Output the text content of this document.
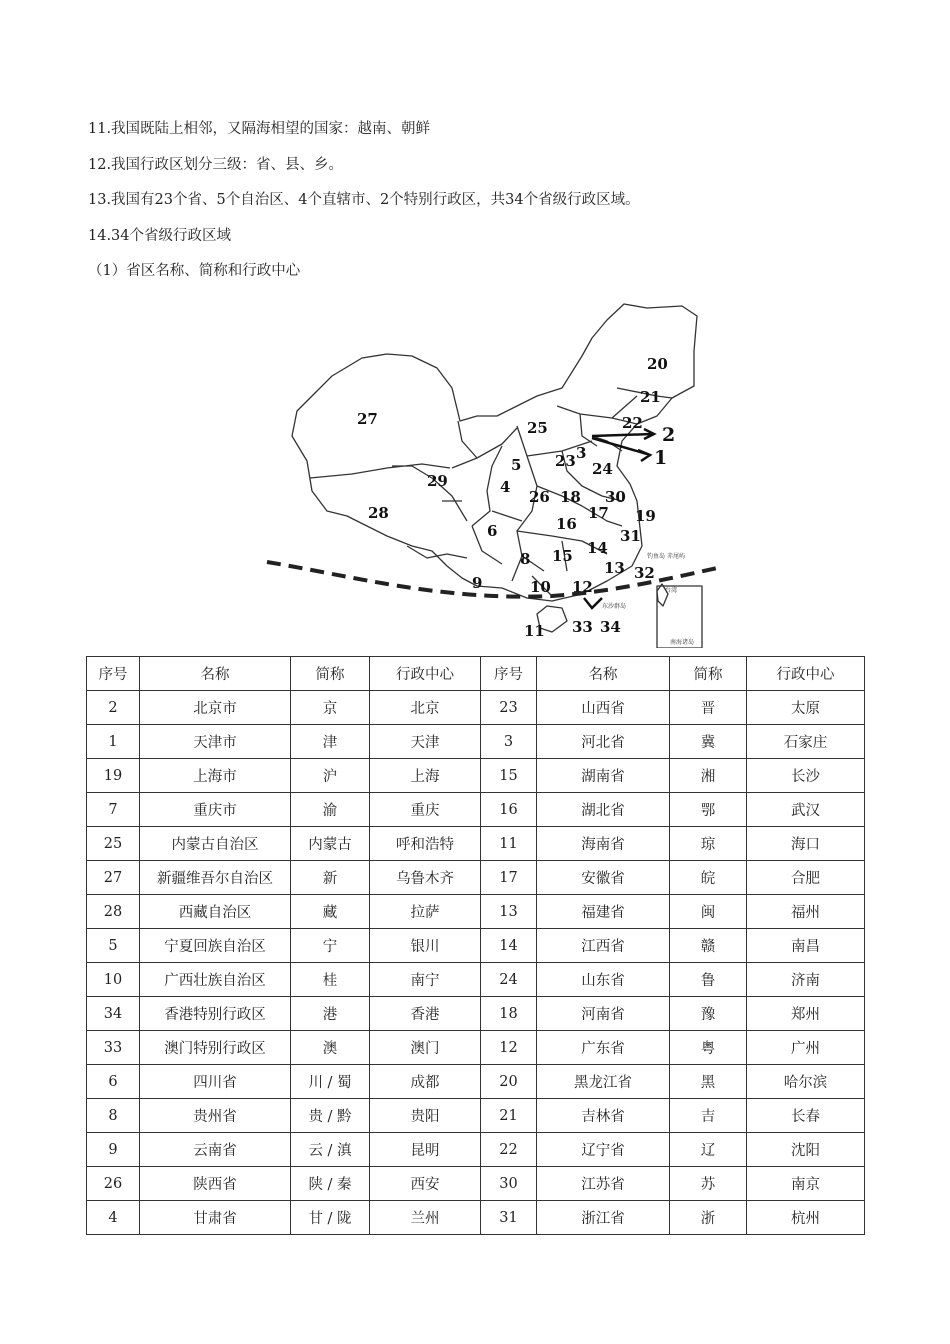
11.我国既陆上相邻，又隔海相望的国家：越南、朝鲜
12.我国行政区划分三级：省、县、乡。
13.我国有23个省、5个自治区、4个直辖市、2个特别行政区，共34个省级行政区域。
14.34个省级行政区域
（1）省区名称、简称和行政中心
20
21
22
2
1
25
27
23 3
5	24
4
29
26 18 30
28	17
16	19
31
6
14
8 15
13 32
9	10 12
11 33 34
钓鱼岛 赤尾屿
台湾
东沙群岛
南海诸岛
序号	名称	简称	行政中心	序号	名称	简称	行政中心
2	北京市	京	北京	23	山西省	晋	太原
1	天津市	津	天津	3	河北省	冀	石家庄
19	上海市	沪	上海	15	湖南省	湘	长沙
7	重庆市	渝	重庆	16	湖北省	鄂	武汉
25	内蒙古自治区	内蒙古	呼和浩特	11	海南省	琼	海口
27	新疆维吾尔自治区	新	乌鲁木齐	17	安徽省	皖	合肥
28	西藏自治区	藏	拉萨	13	福建省	闽	福州
5	宁夏回族自治区	宁	银川	14	江西省	赣	南昌
10	广西壮族自治区	桂	南宁	24	山东省	鲁	济南
34	香港特别行政区	港	香港	18	河南省	豫	郑州
33	澳门特别行政区	澳	澳门	12	广东省	粤	广州
6	四川省	川 / 蜀	成都	20	黑龙江省	黑	哈尔滨
8	贵州省	贵 / 黔	贵阳	21	吉林省	吉	长春
9	云南省	云 / 滇	昆明	22	辽宁省	辽	沈阳
26	陕西省	陕 / 秦	西安	30	江苏省	苏	南京
4	甘肃省	甘 / 陇	兰州	31	浙江省	浙	杭州
